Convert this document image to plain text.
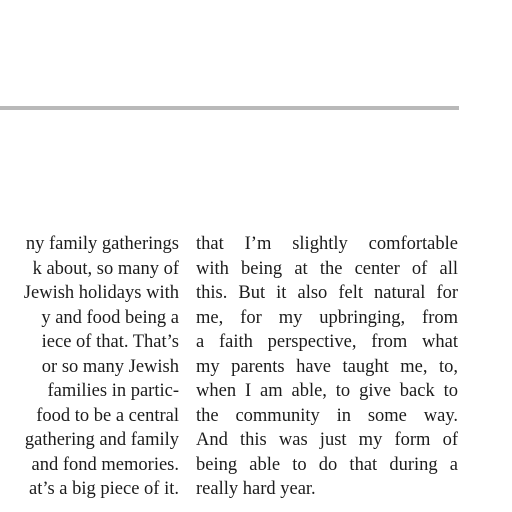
ny family gatherings
k about, so many of
Jewish holidays with
y and food being a
iece of that. That’s
or so many Jewish
families in partic-
food to be a central
gathering and family
and fond memories.
at’s a big piece of it.
that I’m slightly comfortable
with being at the center of all
this. But it also felt natural for
me, for my upbringing, from
a faith perspective, from what
my parents have taught me, to,
when I am able, to give back to
the community in some way.
And this was just my form of
being able to do that during a
really hard year.
